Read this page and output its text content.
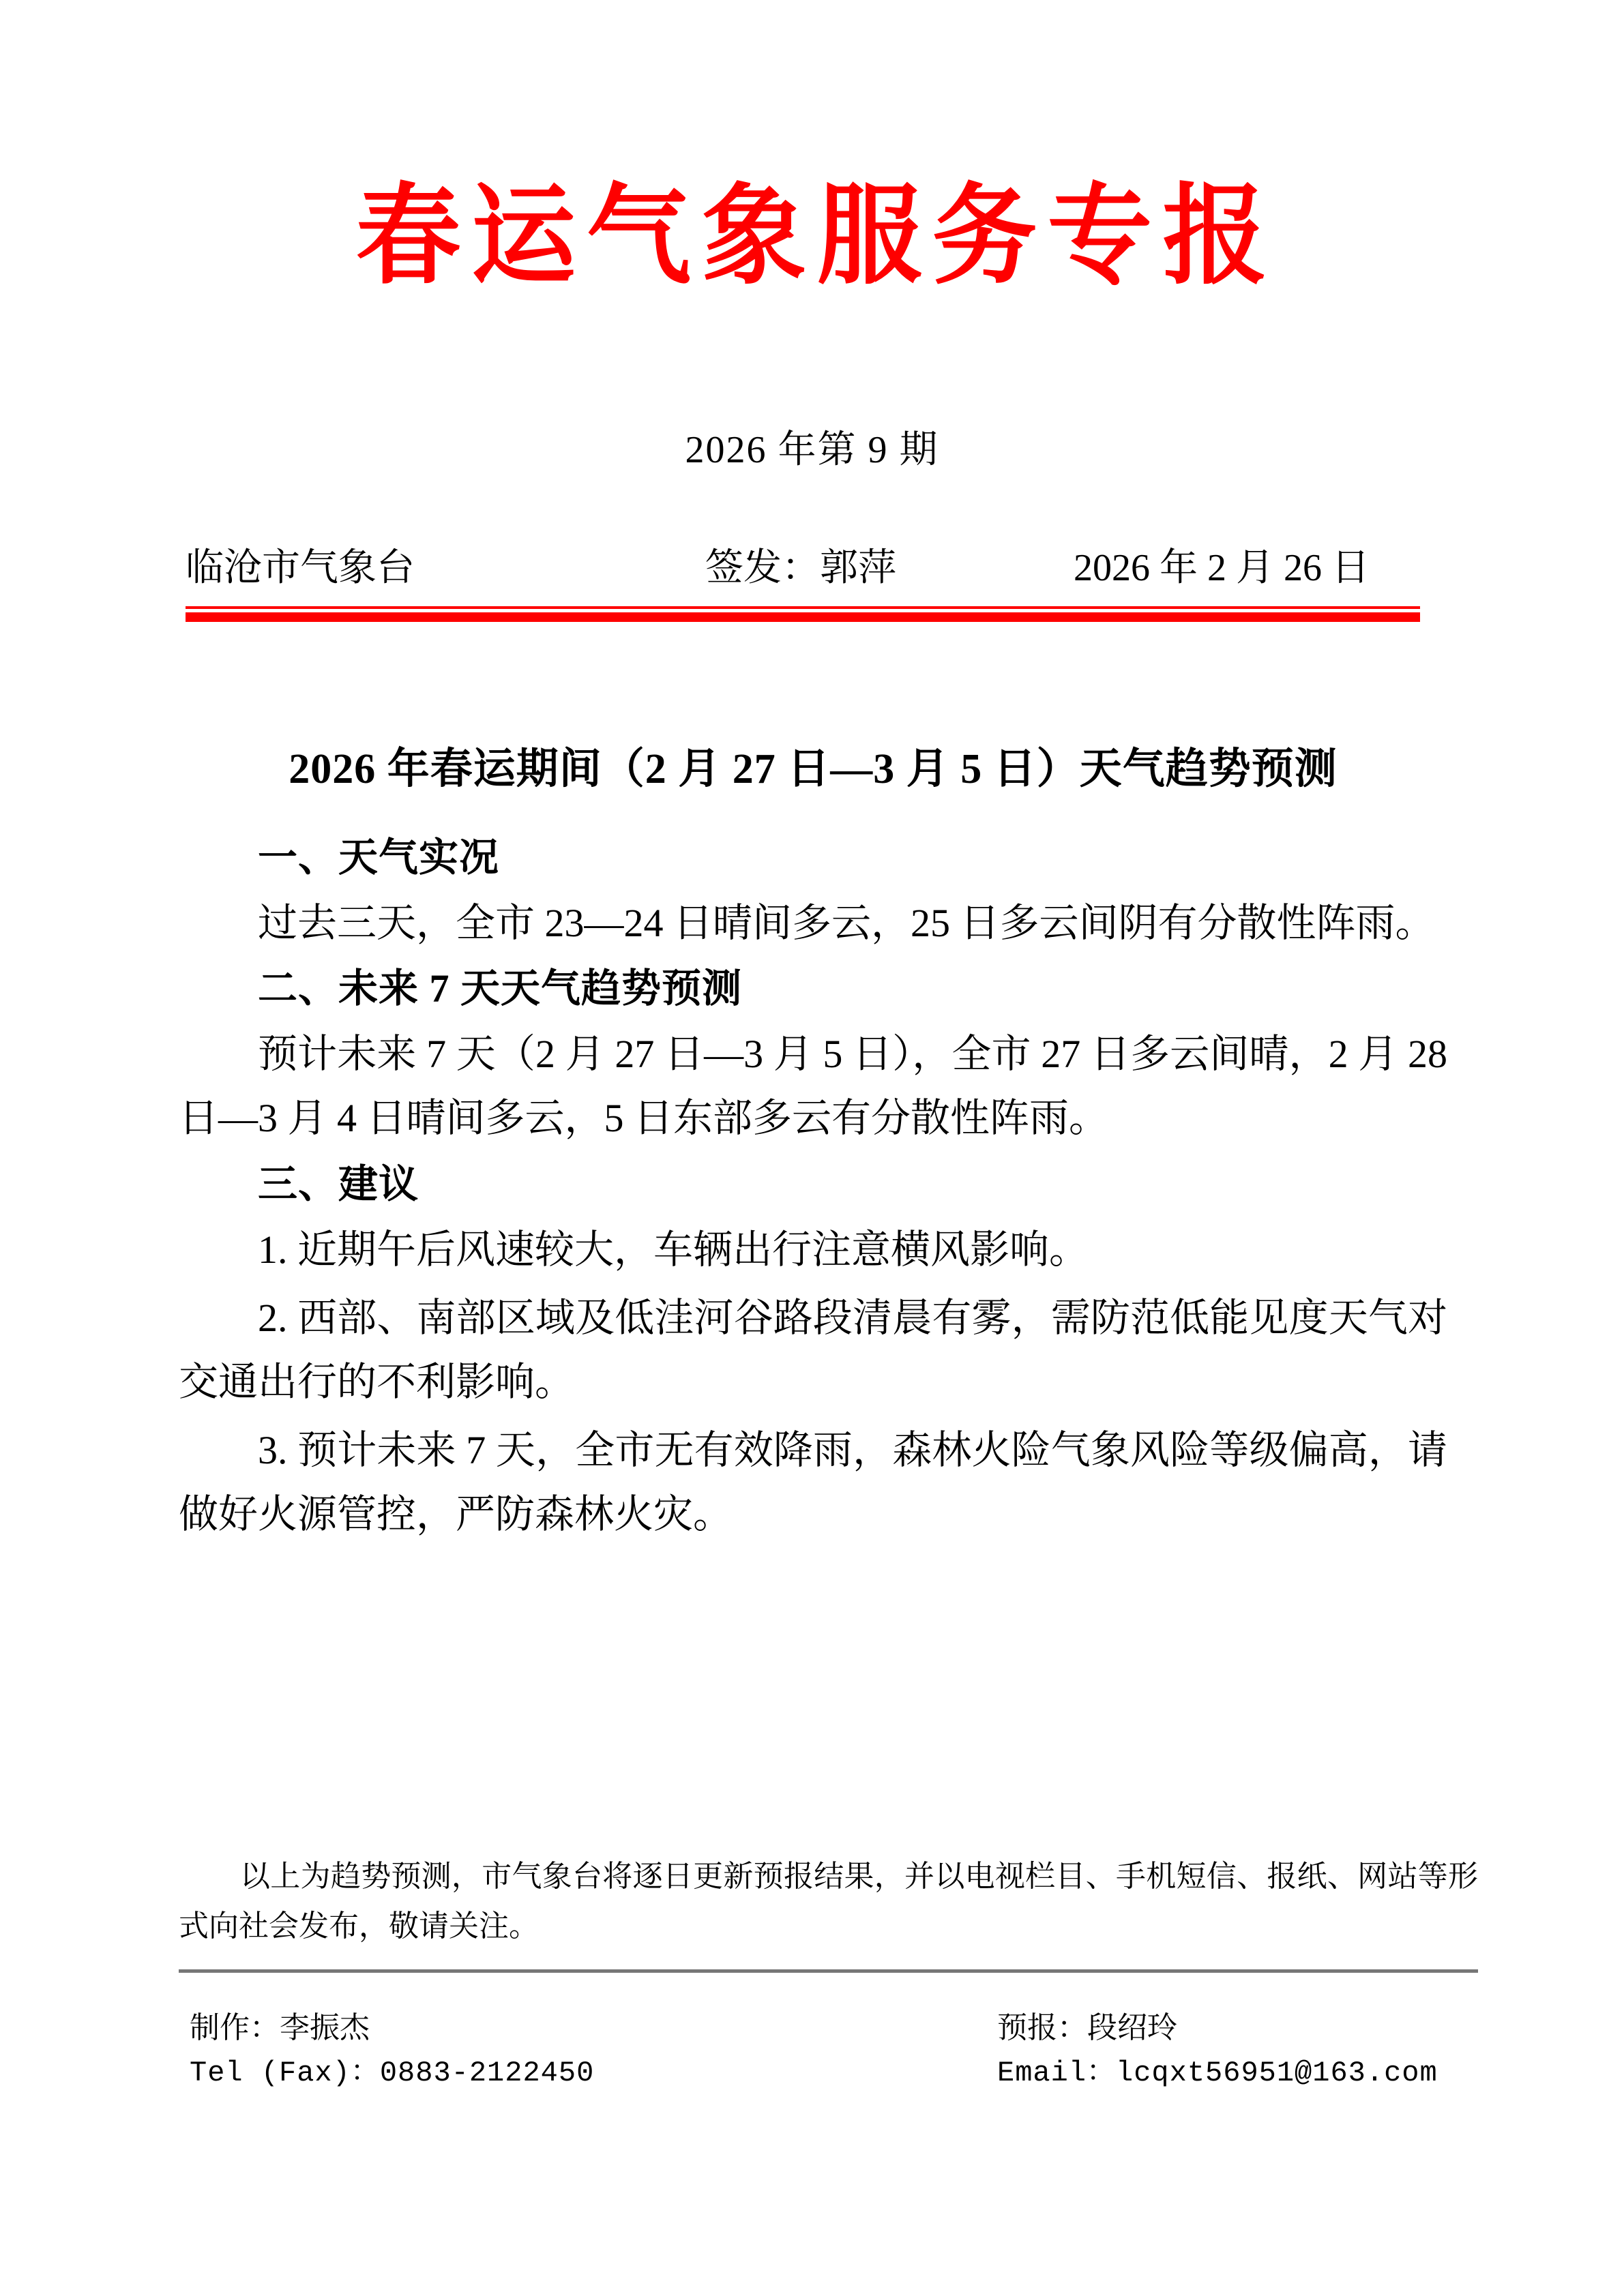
春运气象服务专报
2026 年第 9 期
临沧市气象台	签发：郭萍	2026 年 2 月 26 日
2026 年春运期间（2 月 27 日—3 月 5 日）天气趋势预测
一、天气实况
过去三天，全市 23—24 日晴间多云，25 日多云间阴有分散性阵雨。
二、未来 7 天天气趋势预测
预计未来 7 天（2 月 27 日—3 月 5 日），全市 27 日多云间晴，2 月 28 日—3 月 4 日晴间多云，5 日东部多云有分散性阵雨。
三、建议
1. 近期午后风速较大，车辆出行注意横风影响。
2. 西部、南部区域及低洼河谷路段清晨有雾，需防范低能见度天气对交通出行的不利影响。
3. 预计未来 7 天，全市无有效降雨，森林火险气象风险等级偏高，请做好火源管控，严防森林火灾。
以上为趋势预测，市气象台将逐日更新预报结果，并以电视栏目、手机短信、报纸、网站等形式向社会发布，敬请关注。
制作：李振杰	预报：段绍玲
Tel (Fax)：0883-2122450	Email：lcqxt56951@163.com
